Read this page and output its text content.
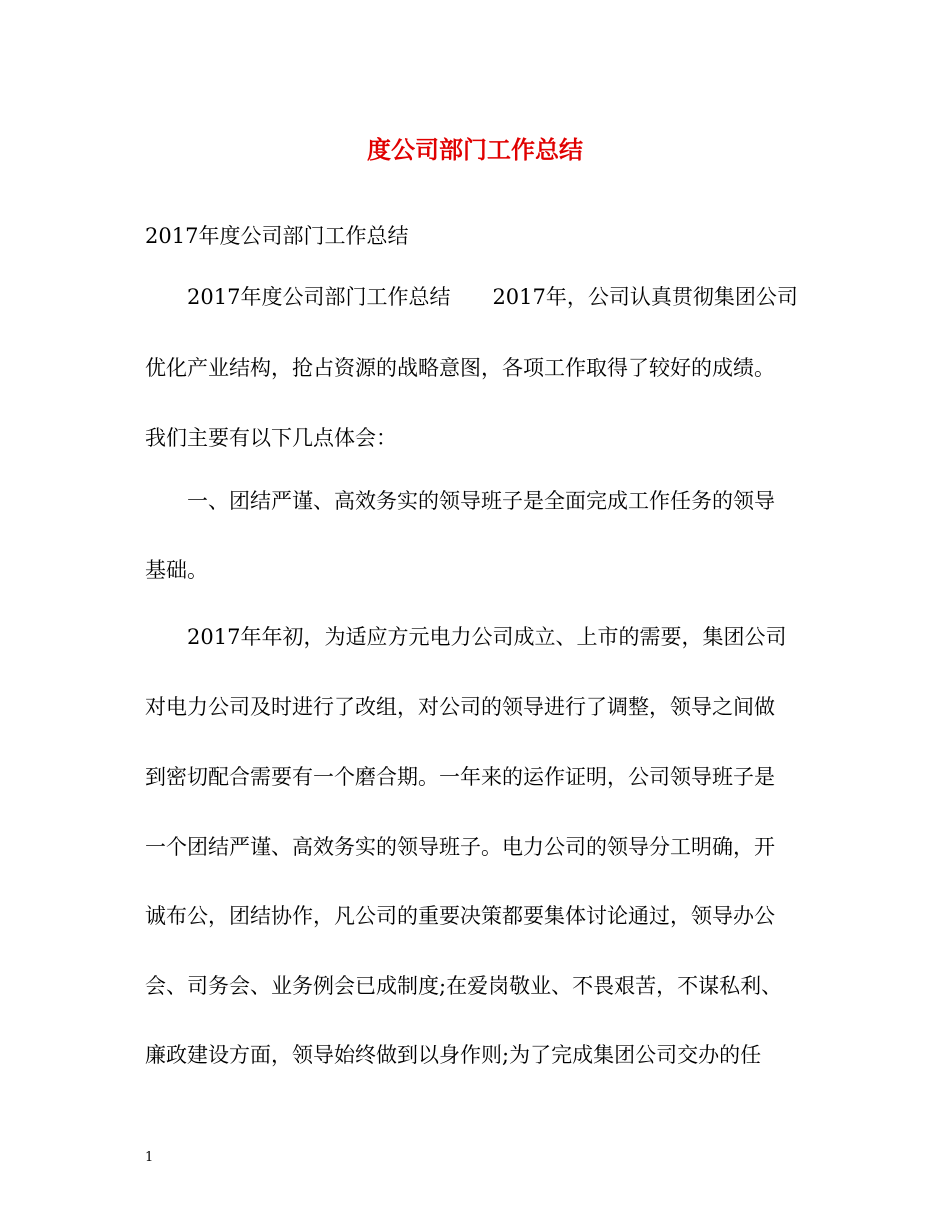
度公司部门工作总结
2017年度公司部门工作总结
2017年度公司部门工作总结　　2017年，公司认真贯彻集团公司
优化产业结构，抢占资源的战略意图，各项工作取得了较好的成绩。
我们主要有以下几点体会：
一、团结严谨、高效务实的领导班子是全面完成工作任务的领导
基础。
2017年年初，为适应方元电力公司成立、上市的需要，集团公司
对电力公司及时进行了改组，对公司的领导进行了调整，领导之间做
到密切配合需要有一个磨合期。一年来的运作证明，公司领导班子是
一个团结严谨、高效务实的领导班子。电力公司的领导分工明确，开
诚布公，团结协作，凡公司的重要决策都要集体讨论通过，领导办公
会、司务会、业务例会已成制度;在爱岗敬业、不畏艰苦，不谋私利、
廉政建设方面，领导始终做到以身作则;为了完成集团公司交办的任
1
